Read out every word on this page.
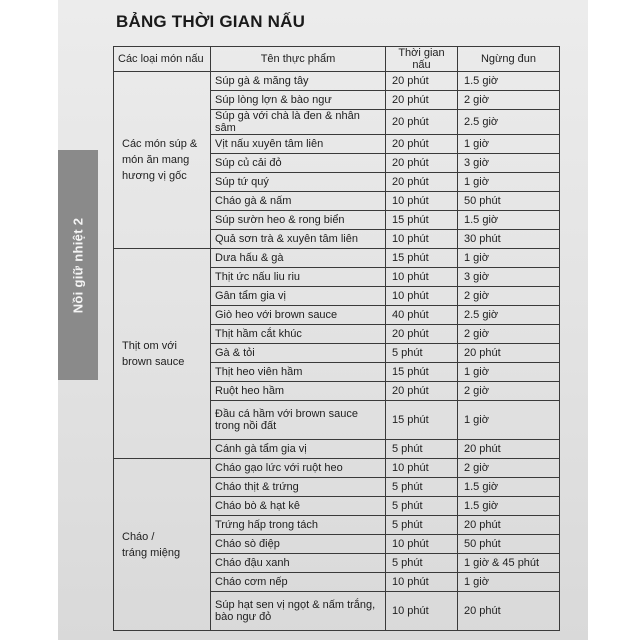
Nồi giữ nhiệt 2
BẢNG THỜI GIAN NẤU
Các loại món nấu	Tên thực phẩm	Thời gian nấu	Ngừng đun
Các món súp &
món ăn mang
hương vị gốc	Súp gà & măng tây	20 phút	1.5 giờ
	Súp lòng lợn & bào ngư	20 phút	2 giờ
	Súp gà với chà là đen & nhân sâm	20 phút	2.5 giờ
	Vịt nấu xuyên tâm liên	20 phút	1 giờ
	Súp củ cải đỏ	20 phút	3 giờ
	Súp tứ quý	20 phút	1 giờ
	Cháo gà & nấm	10 phút	50 phút
	Súp sườn heo & rong biển	15 phút	1.5 giờ
	Quả sơn trà & xuyên tâm liên	10 phút	30 phút
Thịt om với
brown sauce	Dưa hấu & gà	15 phút	1 giờ
	Thịt ức nấu liu riu	10 phút	3 giờ
	Gân tẩm gia vị	10 phút	2 giờ
	Giò heo với brown sauce	40 phút	2.5 giờ
	Thịt hầm cắt khúc	20 phút	2 giờ
	Gà & tỏi	5 phút	20 phút
	Thịt heo viên hầm	15 phút	1 giờ
	Ruột heo hầm	20 phút	2 giờ
	Đầu cá hầm với brown sauce trong nồi đất	15 phút	1 giờ
	Cánh gà tẩm gia vị	5 phút	20 phút
Cháo /
tráng miệng	Cháo gạo lức với ruột heo	10 phút	2 giờ
	Cháo thịt & trứng	5 phút	1.5 giờ
	Cháo bò & hạt kê	5 phút	1.5 giờ
	Trứng hấp trong tách	5 phút	20 phút
	Cháo sò điệp	10 phút	50 phút
	Cháo đậu xanh	5 phút	1 giờ & 45 phút
	Cháo cơm nếp	10 phút	1 giờ
	Súp hạt sen vị ngọt & nấm trắng, bào ngư đỏ	10 phút	20 phút
